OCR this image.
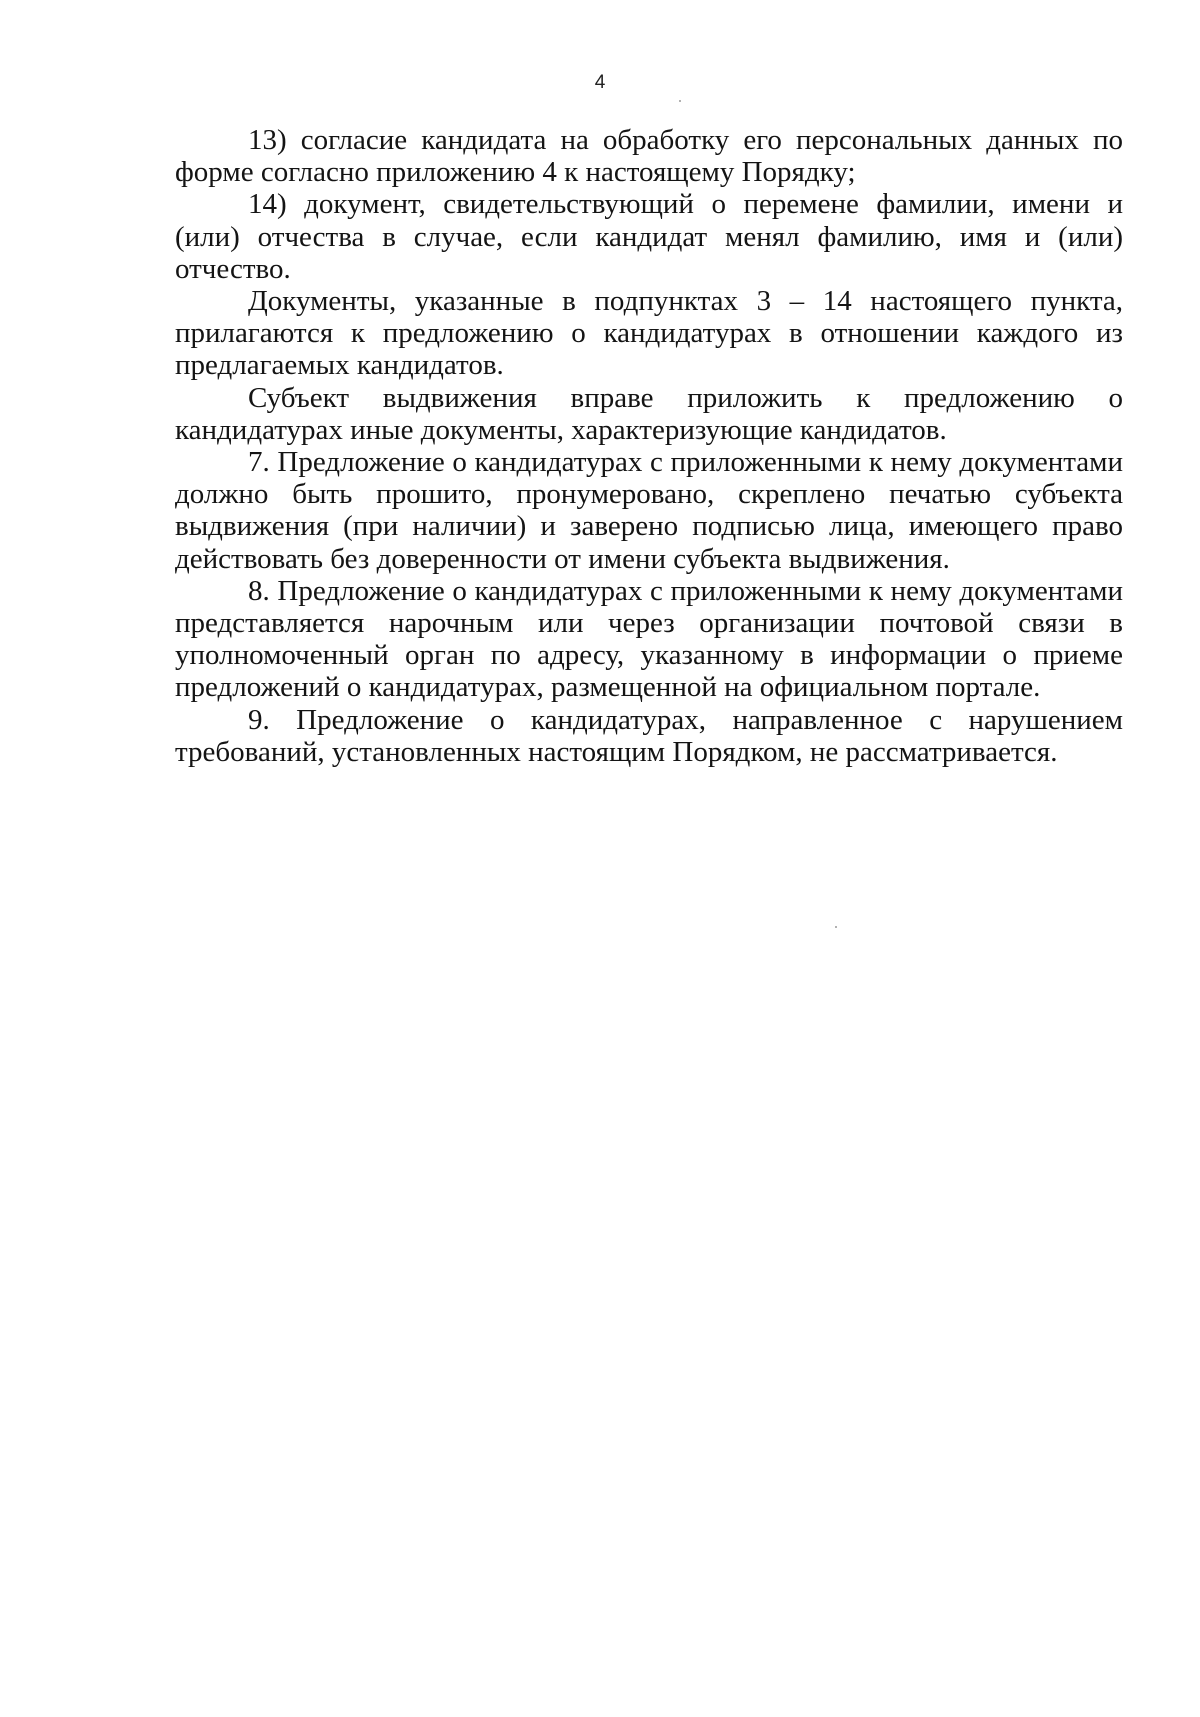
4

13) согласие кандидата на обработку его персональных данных по форме согласно приложению 4 к настоящему Порядку;

14) документ, свидетельствующий о перемене фамилии, имени и (или) отчества в случае, если кандидат менял фамилию, имя и (или) отчество.

Документы, указанные в подпунктах 3 – 14 настоящего пункта, прилагаются к предложению о кандидатурах в отношении каждого из предлагаемых кандидатов.

Субъект выдвижения вправе приложить к предложению о кандидатурах иные документы, характеризующие кандидатов.

7. Предложение о кандидатурах с приложенными к нему документами должно быть прошито, пронумеровано, скреплено печатью субъекта выдвижения (при наличии) и заверено подписью лица, имеющего право действовать без доверенности от имени субъекта выдвижения.

8. Предложение о кандидатурах с приложенными к нему документами представляется нарочным или через организации почтовой связи в уполномоченный орган по адресу, указанному в информации о приеме предложений о кандидатурах, размещенной на официальном портале.

9. Предложение о кандидатурах, направленное с нарушением требований, установленных настоящим Порядком, не рассматривается.
